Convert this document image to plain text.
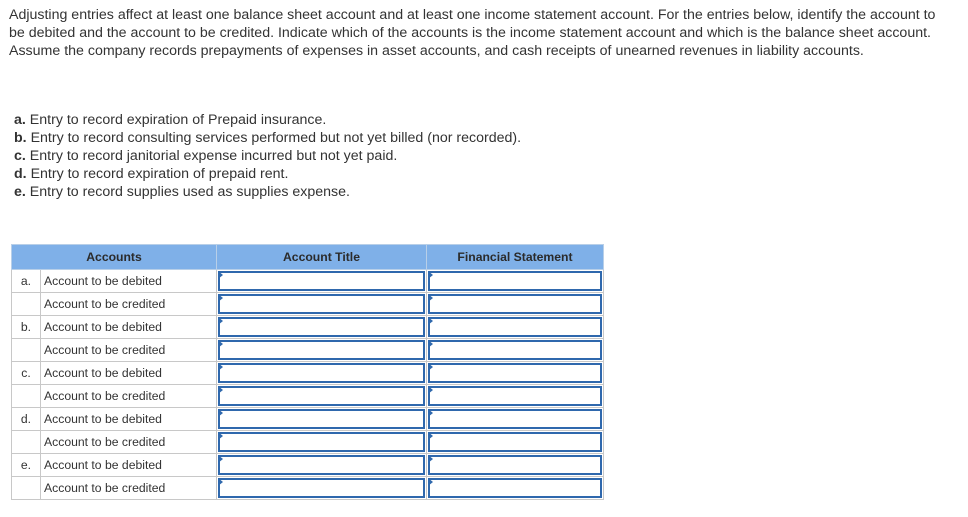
Adjusting entries affect at least one balance sheet account and at least one income statement account. For the entries below, identify the account to be debited and the account to be credited. Indicate which of the accounts is the income statement account and which is the balance sheet account. Assume the company records prepayments of expenses in asset accounts, and cash receipts of unearned revenues in liability accounts.

a. Entry to record expiration of Prepaid insurance.
b. Entry to record consulting services performed but not yet billed (nor recorded).
c. Entry to record janitorial expense incurred but not yet paid.
d. Entry to record expiration of prepaid rent.
e. Entry to record supplies used as supplies expense.
Accounts		Account Title	Financial Statement
a.	Account to be debited	

	Account to be credited	

b.	Account to be debited	

	Account to be credited	

c.	Account to be debited	

	Account to be credited	

d.	Account to be debited	

	Account to be credited	

e.	Account to be debited	

	Account to be credited	
